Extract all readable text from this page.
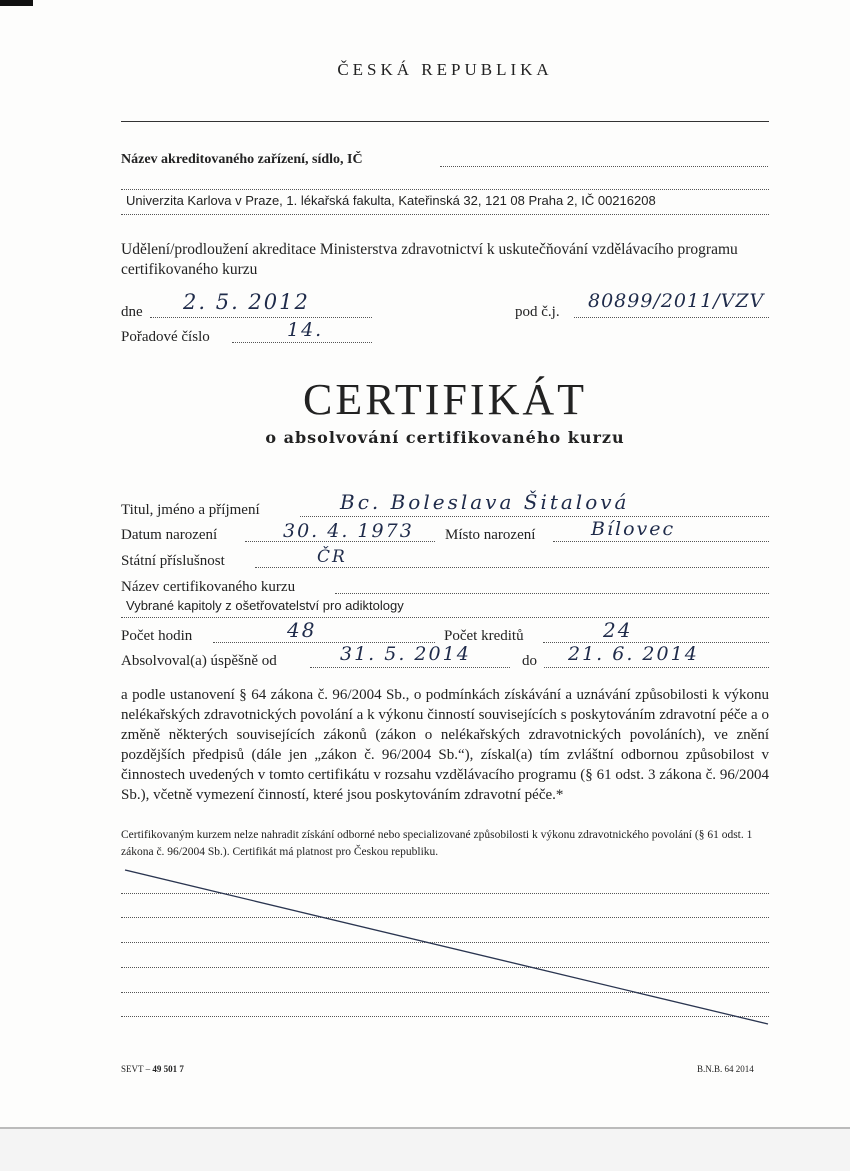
ČESKÁ REPUBLIKA
Název akreditovaného zařízení, sídlo, IČ
Univerzita Karlova v Praze, 1. lékařská fakulta, Kateřinská 32, 121 08 Praha 2, IČ 00216208
Udělení/prodloužení akreditace Ministerstva zdravotnictví k uskutečňování vzdělávacího programu certifikovaného kurzu
dne 2. 5. 2012	pod č.j. 80899/2011/VZV
Pořadové číslo	14.
CERTIFIKÁT
o absolvování certifikovaného kurzu
Titul, jméno a příjmení	Bc. Boleslava Šitalová
Datum narození	30. 4. 1973 Místo narození	Bílovec
Státní příslušnost	ČR
Název certifikovaného kurzu
Vybrané kapitoly z ošetřovatelství pro adiktology
Počet hodin	48	Počet kreditů	24
Absolvoval(a) úspěšně od	31. 5. 2014	do 21. 6. 2014
a podle ustanovení § 64 zákona č. 96/2004 Sb., o podmínkách získávání a uznávání způsobilosti k výkonu nelékařských zdravotnických povolání a k výkonu činností souvisejících s poskytováním zdravotní péče a o změně některých souvisejících zákonů (zákon o nelékařských zdravotnických povoláních), ve znění pozdějších předpisů (dále jen „zákon č. 96/2004 Sb.“), získal(a) tím zvláštní odbornou způsobilost v činnostech uvedených v tomto certifikátu v rozsahu vzdělávacího programu (§ 61 odst. 3 zákona č. 96/2004 Sb.), včetně vymezení činností, které jsou poskytováním zdravotní péče.*
Certifikovaným kurzem nelze nahradit získání odborné nebo specializované způsobilosti k výkonu zdravotnického povolání (§ 61 odst. 1 zákona č. 96/2004 Sb.). Certifikát má platnost pro Českou republiku.
SEVT – 49 501 7	B.N.B. 64 2014
